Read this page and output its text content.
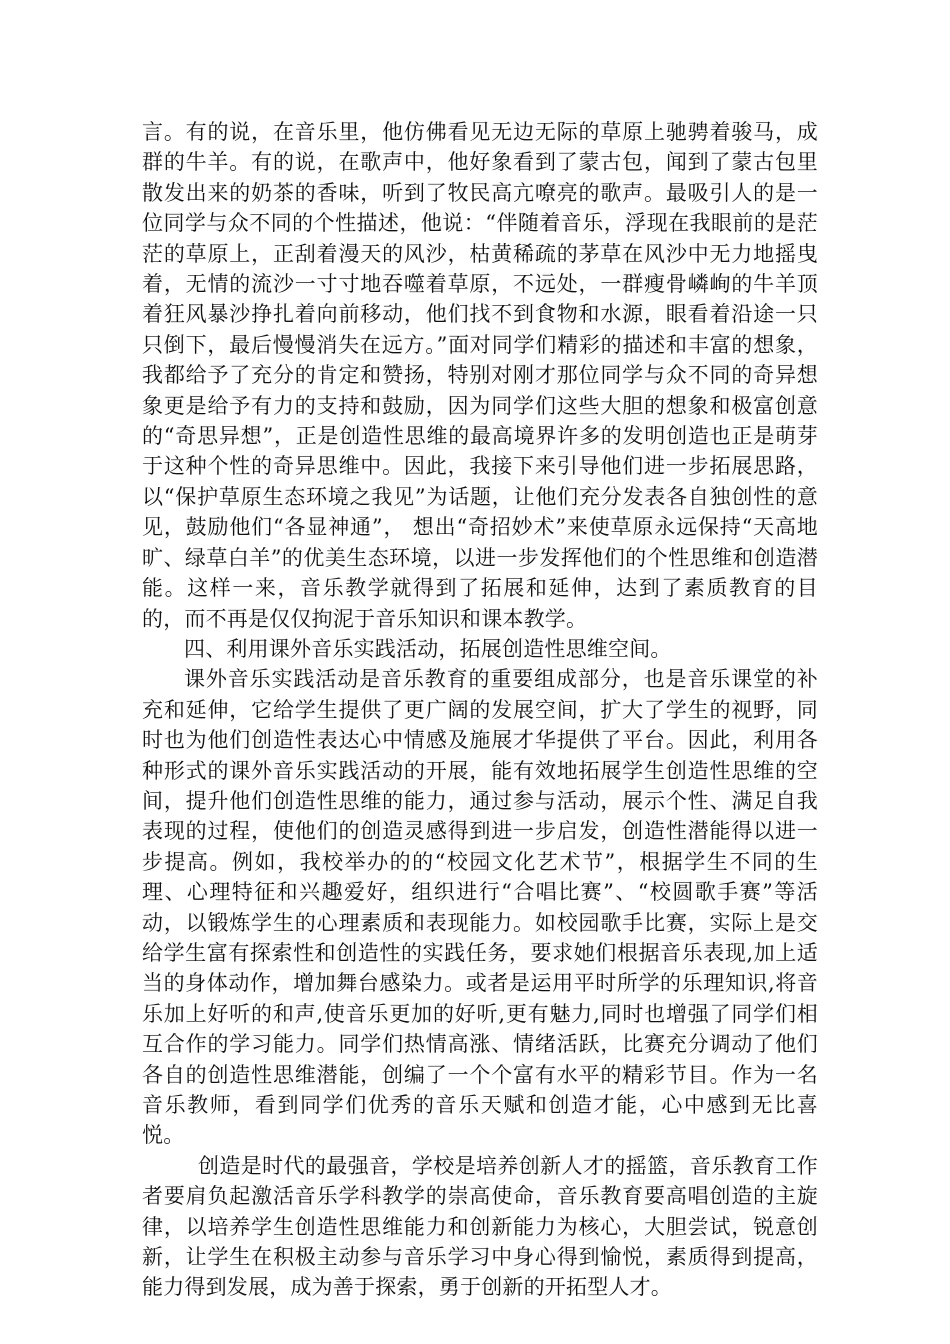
言。有的说，在音乐里，他仿佛看见无边无际的草原上驰骋着骏马，成群的牛羊。有的说，在歌声中，他好象看到了蒙古包，闻到了蒙古包里散发出来的奶茶的香味，听到了牧民高亢嘹亮的歌声。最吸引人的是一位同学与众不同的个性描述，他说：“伴随着音乐，浮现在我眼前的是茫茫的草原上，正刮着漫天的风沙，枯黄稀疏的茅草在风沙中无力地摇曳着，无情的流沙一寸寸地吞噬着草原，不远处，一群瘦骨嶙峋的牛羊顶着狂风暴沙挣扎着向前移动，他们找不到食物和水源，眼看着沿途一只只倒下，最后慢慢消失在远方。”面对同学们精彩的描述和丰富的想象，我都给予了充分的肯定和赞扬，特别对刚才那位同学与众不同的奇异想象更是给予有力的支持和鼓励，因为同学们这些大胆的想象和极富创意的“奇思异想”，正是创造性思维的最高境界许多的发明创造也正是萌芽于这种个性的奇异思维中。因此，我接下来引导他们进一步拓展思路，以“保护草原生态环境之我见”为话题，让他们充分发表各自独创性的意见，鼓励他们“各显神通”， 想出“奇招妙术”来使草原永远保持“天高地旷、绿草白羊”的优美生态环境，以进一步发挥他们的个性思维和创造潜能。这样一来，音乐教学就得到了拓展和延伸，达到了素质教育的目的，而不再是仅仅拘泥于音乐知识和课本教学。

四、利用课外音乐实践活动，拓展创造性思维空间。

课外音乐实践活动是音乐教育的重要组成部分，也是音乐课堂的补充和延伸，它给学生提供了更广阔的发展空间，扩大了学生的视野，同时也为他们创造性表达心中情感及施展才华提供了平台。因此，利用各种形式的课外音乐实践活动的开展，能有效地拓展学生创造性思维的空间，提升他们创造性思维的能力，通过参与活动，展示个性、满足自我表现的过程，使他们的创造灵感得到进一步启发，创造性潜能得以进一步提高。例如，我校举办的的“校园文化艺术节”，根据学生不同的生理、心理特征和兴趣爱好，组织进行“合唱比赛”、“校圆歌手赛”等活动，以锻炼学生的心理素质和表现能力。如校园歌手比赛，实际上是交给学生富有探索性和创造性的实践任务，要求她们根据音乐表现,加上适当的身体动作，增加舞台感染力。或者是运用平时所学的乐理知识,将音乐加上好听的和声,使音乐更加的好听,更有魅力,同时也增强了同学们相互合作的学习能力。同学们热情高涨、情绪活跃，比赛充分调动了他们各自的创造性思维潜能，创编了一个个富有水平的精彩节目。作为一名音乐教师，看到同学们优秀的音乐天赋和创造才能，心中感到无比喜悦。

创造是时代的最强音，学校是培养创新人才的摇篮，音乐教育工作者要肩负起激活音乐学科教学的崇高使命，音乐教育要高唱创造的主旋律，以培养学生创造性思维能力和创新能力为核心，大胆尝试，锐意创新，让学生在积极主动参与音乐学习中身心得到愉悦，素质得到提高，能力得到发展，成为善于探索，勇于创新的开拓型人才。
